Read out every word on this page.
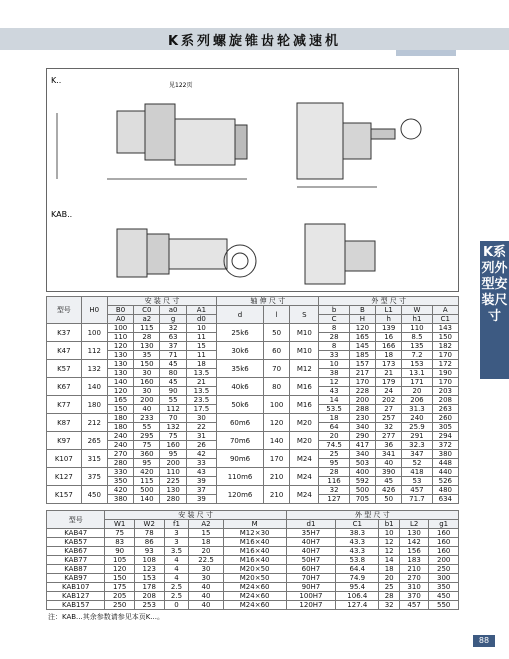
K系列螺旋锥齿轮减速机
K..
KAB..
见122页
型号	H0	安 装 尺 寸				轴 伸 尺 寸			外 型 尺 寸				
		B0	C0	a0	A1	d	l	S	b	B	L1	W	A
		A0	a2	g	d0				C	H	h	h1	C1
K37	100	100	115	32	10	25k6	50	M10	8	120	139	110	143
		110	28	63	11				28	165	16	8.5	150
K47	112	120	130	37	15	30k6	60	M10	8	145	166	135	182
		130	35	71	11				33	185	18	7.2	170
K57	132	130	150	45	18	35k6	70	M12	10	157	173	153	172
		130	30	80	13.5				38	217	21	13.1	190
K67	140	140	160	45	21	40k6	80	M16	12	170	179	171	170
		120	30	90	13.5				43	228	24	20	203
K77	180	165	200	55	23.5	50k6	100	M16	14	200	202	206	208
		150	40	112	17.5				53.5	288	27	31.3	263
K87	212	180	233	70	30	60m6	120	M20	18	230	257	240	260
		180	55	132	22				64	340	32	25.9	305
K97	265	240	295	75	31	70m6	140	M20	20	290	277	291	294
		240	75	160	26				74.5	417	36	32.3	372
K107	315	270	360	95	42	90m6	170	M24	25	340	341	347	380
		280	95	200	33				95	503	40	52	448
K127	375	330	420	110	43	110m6	210	M24	28	400	390	418	440
		350	115	225	39				116	592	45	53	526
K157	450	420	500	130	37	120m6	210	M24	32	500	426	457	480
		380	140	280	39				127	705	50	71.7	634
型号	安 装 尺 寸					外 型 尺 寸				
	W1	W2	f1	A2	M	d1	C1	b1	L2	g1
KAB47	75	78	3	15	M12×30	35H7	38.3	10	130	160
KAB57	83	86	3	18	M16×40	40H7	43.3	12	142	160
KAB67	90	93	3.5	20	M16×40	40H7	43.3	12	156	160
KAB77	105	108	4	22.5	M16×40	50H7	53.8	14	183	200
KAB87	120	123	4	30	M20×50	60H7	64.4	18	210	250
KAB97	150	153	4	30	M20×50	70H7	74.9	20	270	300
KAB107	175	178	2.5	40	M24×60	90H7	95.4	25	310	350
KAB127	205	208	2.5	40	M24×60	100H7	106.4	28	370	450
KAB157	250	253	0	40	M24×60	120H7	127.4	32	457	550
注：KAB...其余参数请参见本页K...。
K系列外型安装尺寸
88
